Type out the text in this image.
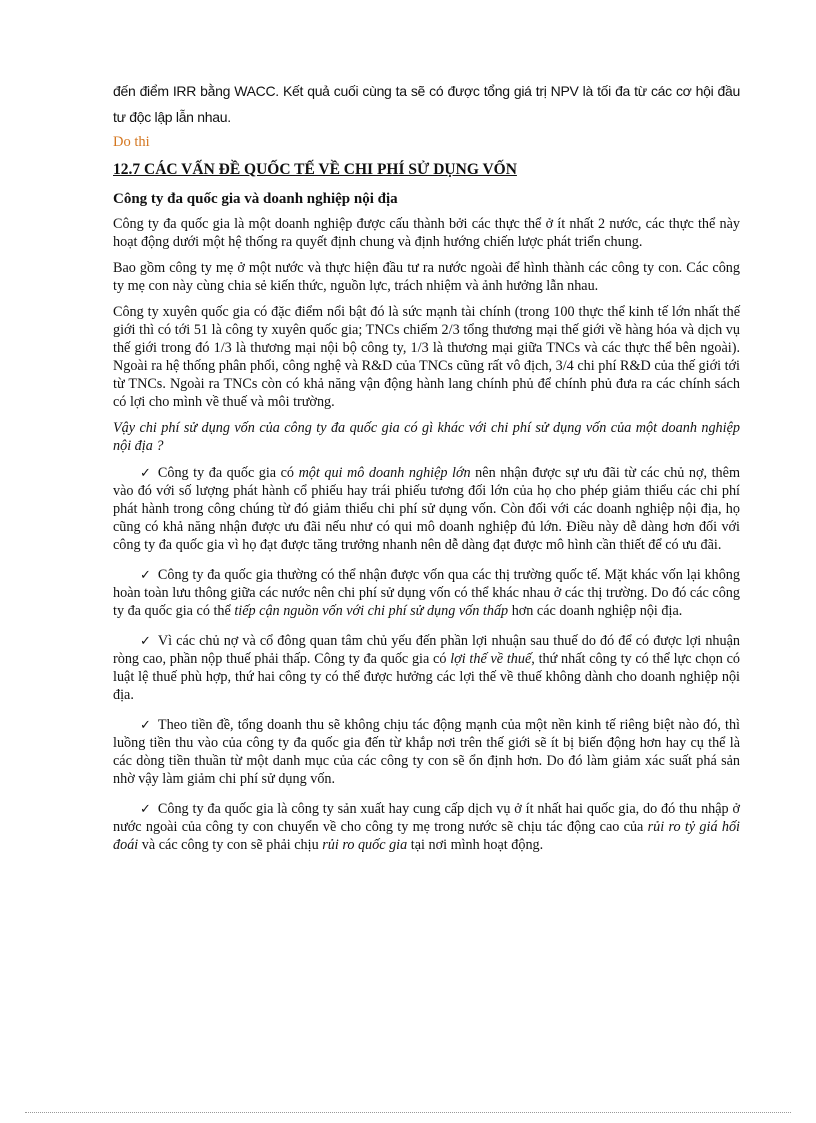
đến điểm IRR bằng WACC. Kết quả cuối cùng ta sẽ có được tổng giá trị NPV là tối đa từ các cơ hội đầu tư độc lập lẫn nhau.

Do thi
12.7 CÁC VẤN ĐỀ QUỐC TẾ VỀ CHI PHÍ SỬ DỤNG VỐN
Công ty đa quốc gia và doanh nghiệp nội địa

Công ty đa quốc gia là một doanh nghiệp được cấu thành bởi các thực thể ở ít nhất 2 nước, các thực thể này hoạt động dưới một hệ thống ra quyết định chung và định hướng chiến lược phát triển chung.

Bao gồm công ty mẹ ở một nước và thực hiện đầu tư ra nước ngoài để hình thành các công ty con. Các công ty mẹ con này cùng chia sẻ kiến thức, nguồn lực, trách nhiệm và ảnh hưởng lẫn nhau.

Công ty xuyên quốc gia có đặc điểm nổi bật đó là sức mạnh tài chính (trong 100 thực thể kinh tế lớn nhất thế giới thì có tới 51 là công ty xuyên quốc gia; TNCs chiếm 2/3 tổng thương mại thế giới về hàng hóa và dịch vụ thế giới trong đó 1/3 là thương mại nội bộ công ty, 1/3 là thương mại giữa TNCs và các thực thể bên ngoài). Ngoài ra hệ thống phân phối, công nghệ và R&D của TNCs cũng rất vô địch, 3/4 chi phí R&D của thế giới tới từ TNCs. Ngoài ra TNCs còn có khả năng vận động hành lang chính phủ để chính phủ đưa ra các chính sách có lợi cho mình về thuế và môi trường.

Vậy chi phí sử dụng vốn của công ty đa quốc gia có gì khác với chi phí sử dụng vốn của một doanh nghiệp nội địa ?

✓ Công ty đa quốc gia có một qui mô doanh nghiệp lớn nên nhận được sự ưu đãi từ các chủ nợ, thêm vào đó với số lượng phát hành cổ phiếu hay trái phiếu tương đối lớn của họ cho phép giảm thiểu các chi phí phát hành trong công chúng từ đó giảm thiểu chi phí sử dụng vốn. Còn đối với các doanh nghiệp nội địa, họ cũng có khả năng nhận được ưu đãi nếu như có qui mô doanh nghiệp đủ lớn. Điều này dễ dàng hơn đối với công ty đa quốc gia vì họ đạt được tăng trưởng nhanh nên dễ dàng đạt được mô hình cần thiết để có ưu đãi.

✓ Công ty đa quốc gia thường có thể nhận được vốn qua các thị trường quốc tế. Mặt khác vốn lại không hoàn toàn lưu thông giữa các nước nên chi phí sử dụng vốn có thể khác nhau ở các thị trường. Do đó các công ty đa quốc gia có thể tiếp cận nguồn vốn với chi phí sử dụng vốn thấp hơn các doanh nghiệp nội địa.

✓ Vì các chủ nợ và cổ đông quan tâm chủ yếu đến phần lợi nhuận sau thuế do đó để có được lợi nhuận ròng cao, phần nộp thuế phải thấp. Công ty đa quốc gia có lợi thế về thuế, thứ nhất công ty có thể lực chọn có luật lệ thuế phù hợp, thứ hai công ty có thể được hưởng các lợi thế về thuế không dành cho doanh nghiệp nội địa.

✓ Theo tiền đề, tổng doanh thu sẽ không chịu tác động mạnh của một nền kinh tế riêng biệt nào đó, thì luồng tiền thu vào của công ty đa quốc gia đến từ khắp nơi trên thế giới sẽ ít bị biến động hơn hay cụ thể là các dòng tiền thuần từ một danh mục của các công ty con sẽ ổn định hơn. Do đó làm giảm xác suất phá sản nhờ vậy làm giảm chi phí sử dụng vốn.

✓ Công ty đa quốc gia là công ty sản xuất hay cung cấp dịch vụ ở ít nhất hai quốc gia, do đó thu nhập ở nước ngoài của công ty con chuyển về cho công ty mẹ trong nước sẽ chịu tác động cao của rủi ro tỷ giá hối đoái và các công ty con sẽ phải chịu rủi ro quốc gia tại nơi mình hoạt động.
